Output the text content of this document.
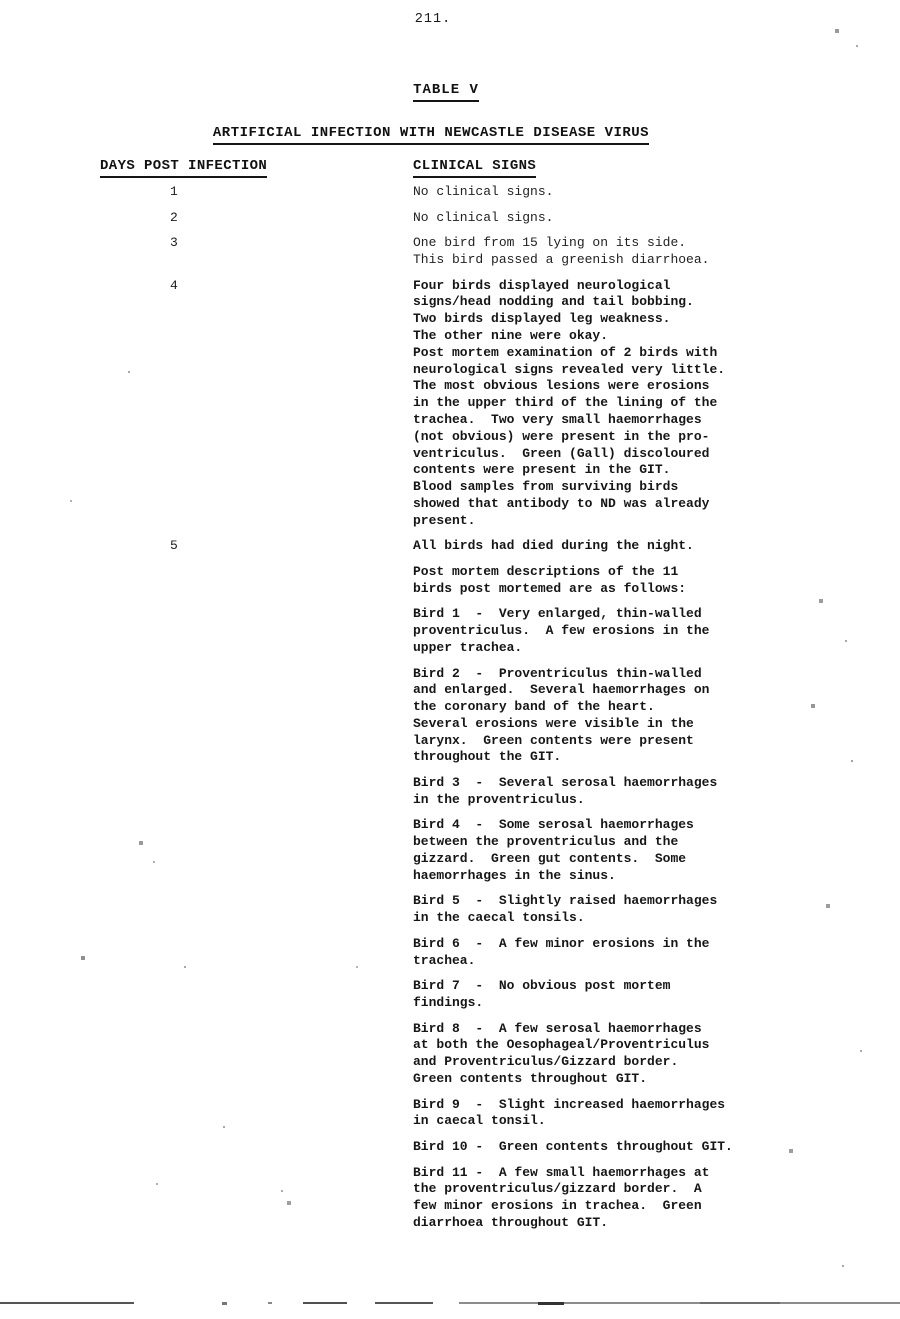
211.
TABLE V
ARTIFICIAL INFECTION WITH NEWCASTLE DISEASE VIRUS
DAYS POST INFECTION	CLINICAL SIGNS
1	No clinical signs.
2	No clinical signs.
3	One bird from 15 lying on its side.
This bird passed a greenish diarrhoea.
4	Four birds displayed neurological
signs/head nodding and tail bobbing.
Two birds displayed leg weakness.
The other nine were okay.
Post mortem examination of 2 birds with
neurological signs revealed very little.
The most obvious lesions were erosions
in the upper third of the lining of the
trachea.  Two very small haemorrhages
(not obvious) were present in the pro-
ventriculus.  Green (Gall) discoloured
contents were present in the GIT.
Blood samples from surviving birds
showed that antibody to ND was already
present.
5	All birds had died during the night.
Post mortem descriptions of the 11
birds post mortemed are as follows:
Bird 1  -  Very enlarged, thin-walled
proventriculus.  A few erosions in the
upper trachea.
Bird 2  -  Proventriculus thin-walled
and enlarged.  Several haemorrhages on
the coronary band of the heart.
Several erosions were visible in the
larynx.  Green contents were present
throughout the GIT.
Bird 3  -  Several serosal haemorrhages
in the proventriculus.
Bird 4  -  Some serosal haemorrhages
between the proventriculus and the
gizzard.  Green gut contents.  Some
haemorrhages in the sinus.
Bird 5  -  Slightly raised haemorrhages
in the caecal tonsils.
Bird 6  -  A few minor erosions in the
trachea.
Bird 7  -  No obvious post mortem
findings.
Bird 8  -  A few serosal haemorrhages
at both the Oesophageal/Proventriculus
and Proventriculus/Gizzard border.
Green contents throughout GIT.
Bird 9  -  Slight increased haemorrhages
in caecal tonsil.
Bird 10 -  Green contents throughout GIT.
Bird 11 -  A few small haemorrhages at
the proventriculus/gizzard border.  A
few minor erosions in trachea.  Green
diarrhoea throughout GIT.
